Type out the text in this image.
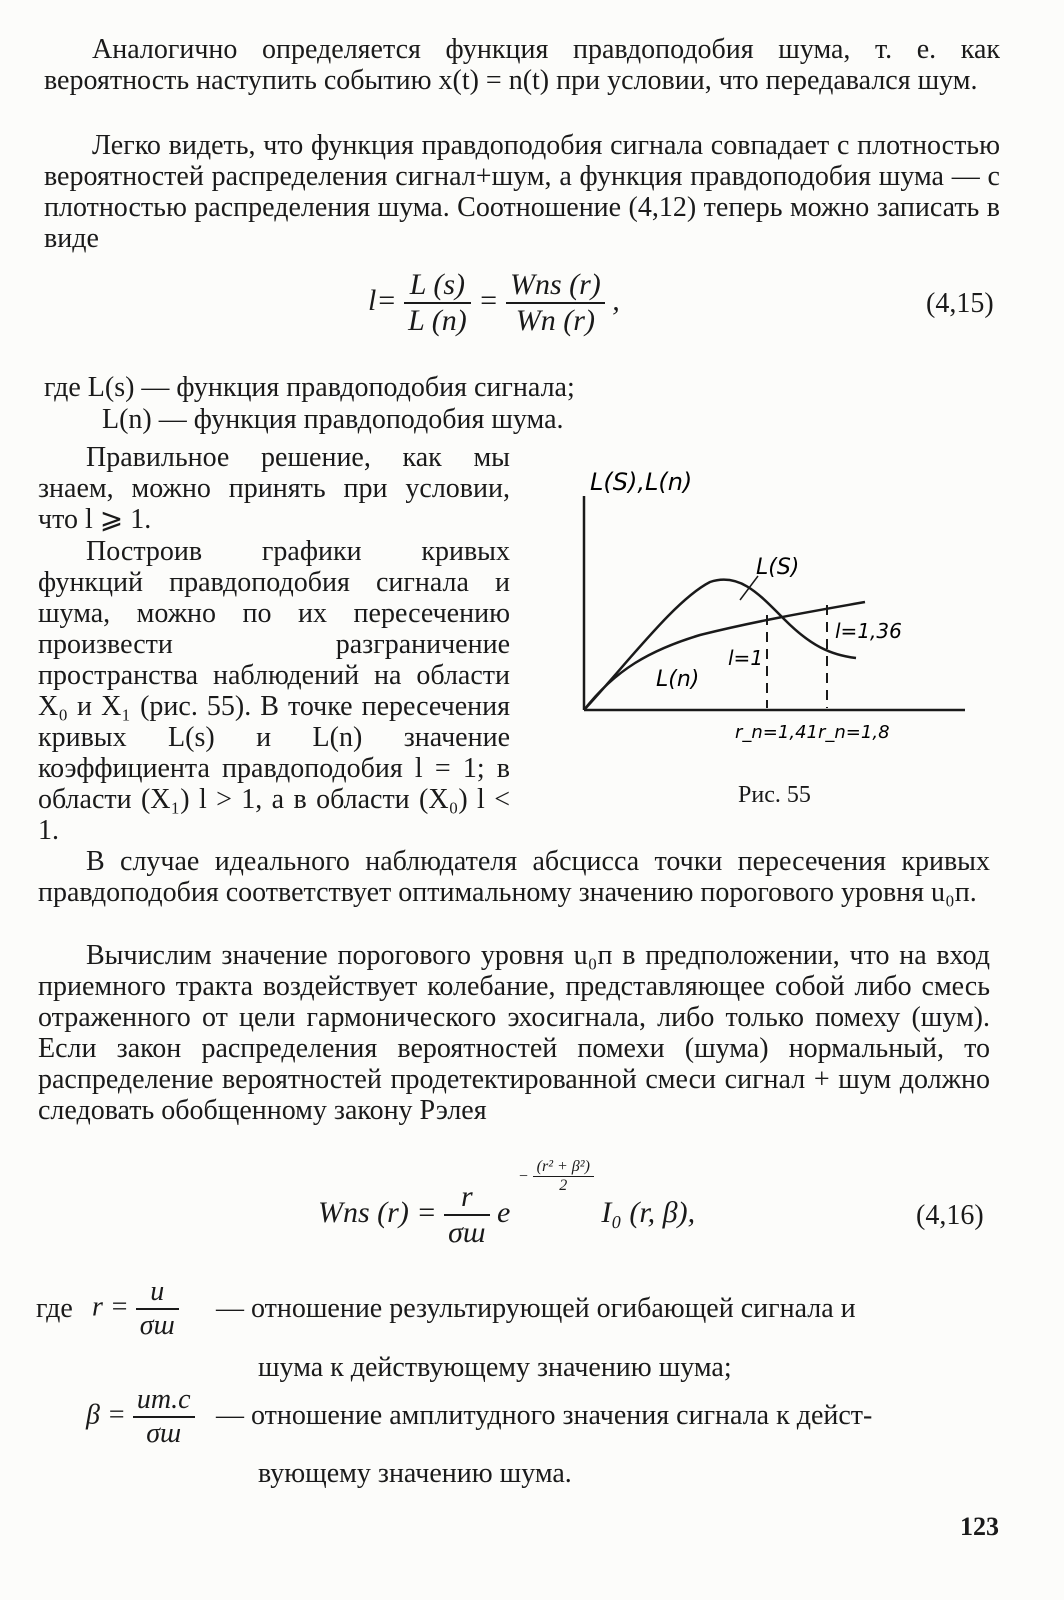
Аналогично определяется функция правдоподобия шума, т. е. как вероятность наступить событию x(t) = n(t) при условии, что передавался шум.

Легко видеть, что функция правдоподобия сигнала совпадает с плотностью вероятностей распределения сигнал+шум, а функция правдоподобия шума — с плотностью распределения шума. Соотношение (4,12) теперь можно записать в виде

$l= \frac{L (s)}{L (n)} = \frac{\text{Wns (r)}}{Wn (r)}$ ,	(4,15)
где L(s) — функция правдоподобия сигнала;
L(n) — функция правдоподобия шума.

Правильное решение, как мы знаем, можно принять при условии, что l ⩾ 1.

Построив графики кривых функций правдоподобия сигнала и шума, можно по их пересечению произвести разграничение пространства наблюдений на области X₀ и X₁ (рис. 55). В точке пересечения кривых L(s) и L(n) значение коэффициента правдоподобия l = 1; в области (X₁) l > 1, а в области (X₀) l < 1.

L(S),L(n)
L(S)
L(n)
l=1
l=1,36
r_n=1,41 r_n=1,8
Рис. 55

В случае идеального наблюдателя абсцисса точки пересечения кривых правдоподобия соответствует оптимальному значению порогового уровня u₀п.

Вычислим значение порогового уровня u₀п в предположении, что на вход приемного тракта воздействует колебание, представляющее собой либо смесь отраженного от цели гармонического эхосигнала, либо только помеху (шум). Если закон распределения вероятностей помехи (шума) нормальный, то распределение вероятностей продетектированной смеси сигнал + шум должно следовать обобщенному закону Рэлея

Wns $(r) = \frac{r}{\sigma ш}$ $e - \frac{\text{(r² + β²)}}{2}$
I₀ (r, β),	(4,16)
где $r = \frac{u}{\sigma ш}$ — отношение результирующей огибающей сигнала и
шума к действующему значению шума;
$\beta = \frac{um.c}{\sigma ш}$ — отношение амплитудного значения сигнала к дейст-
вующему значению шума.
123
